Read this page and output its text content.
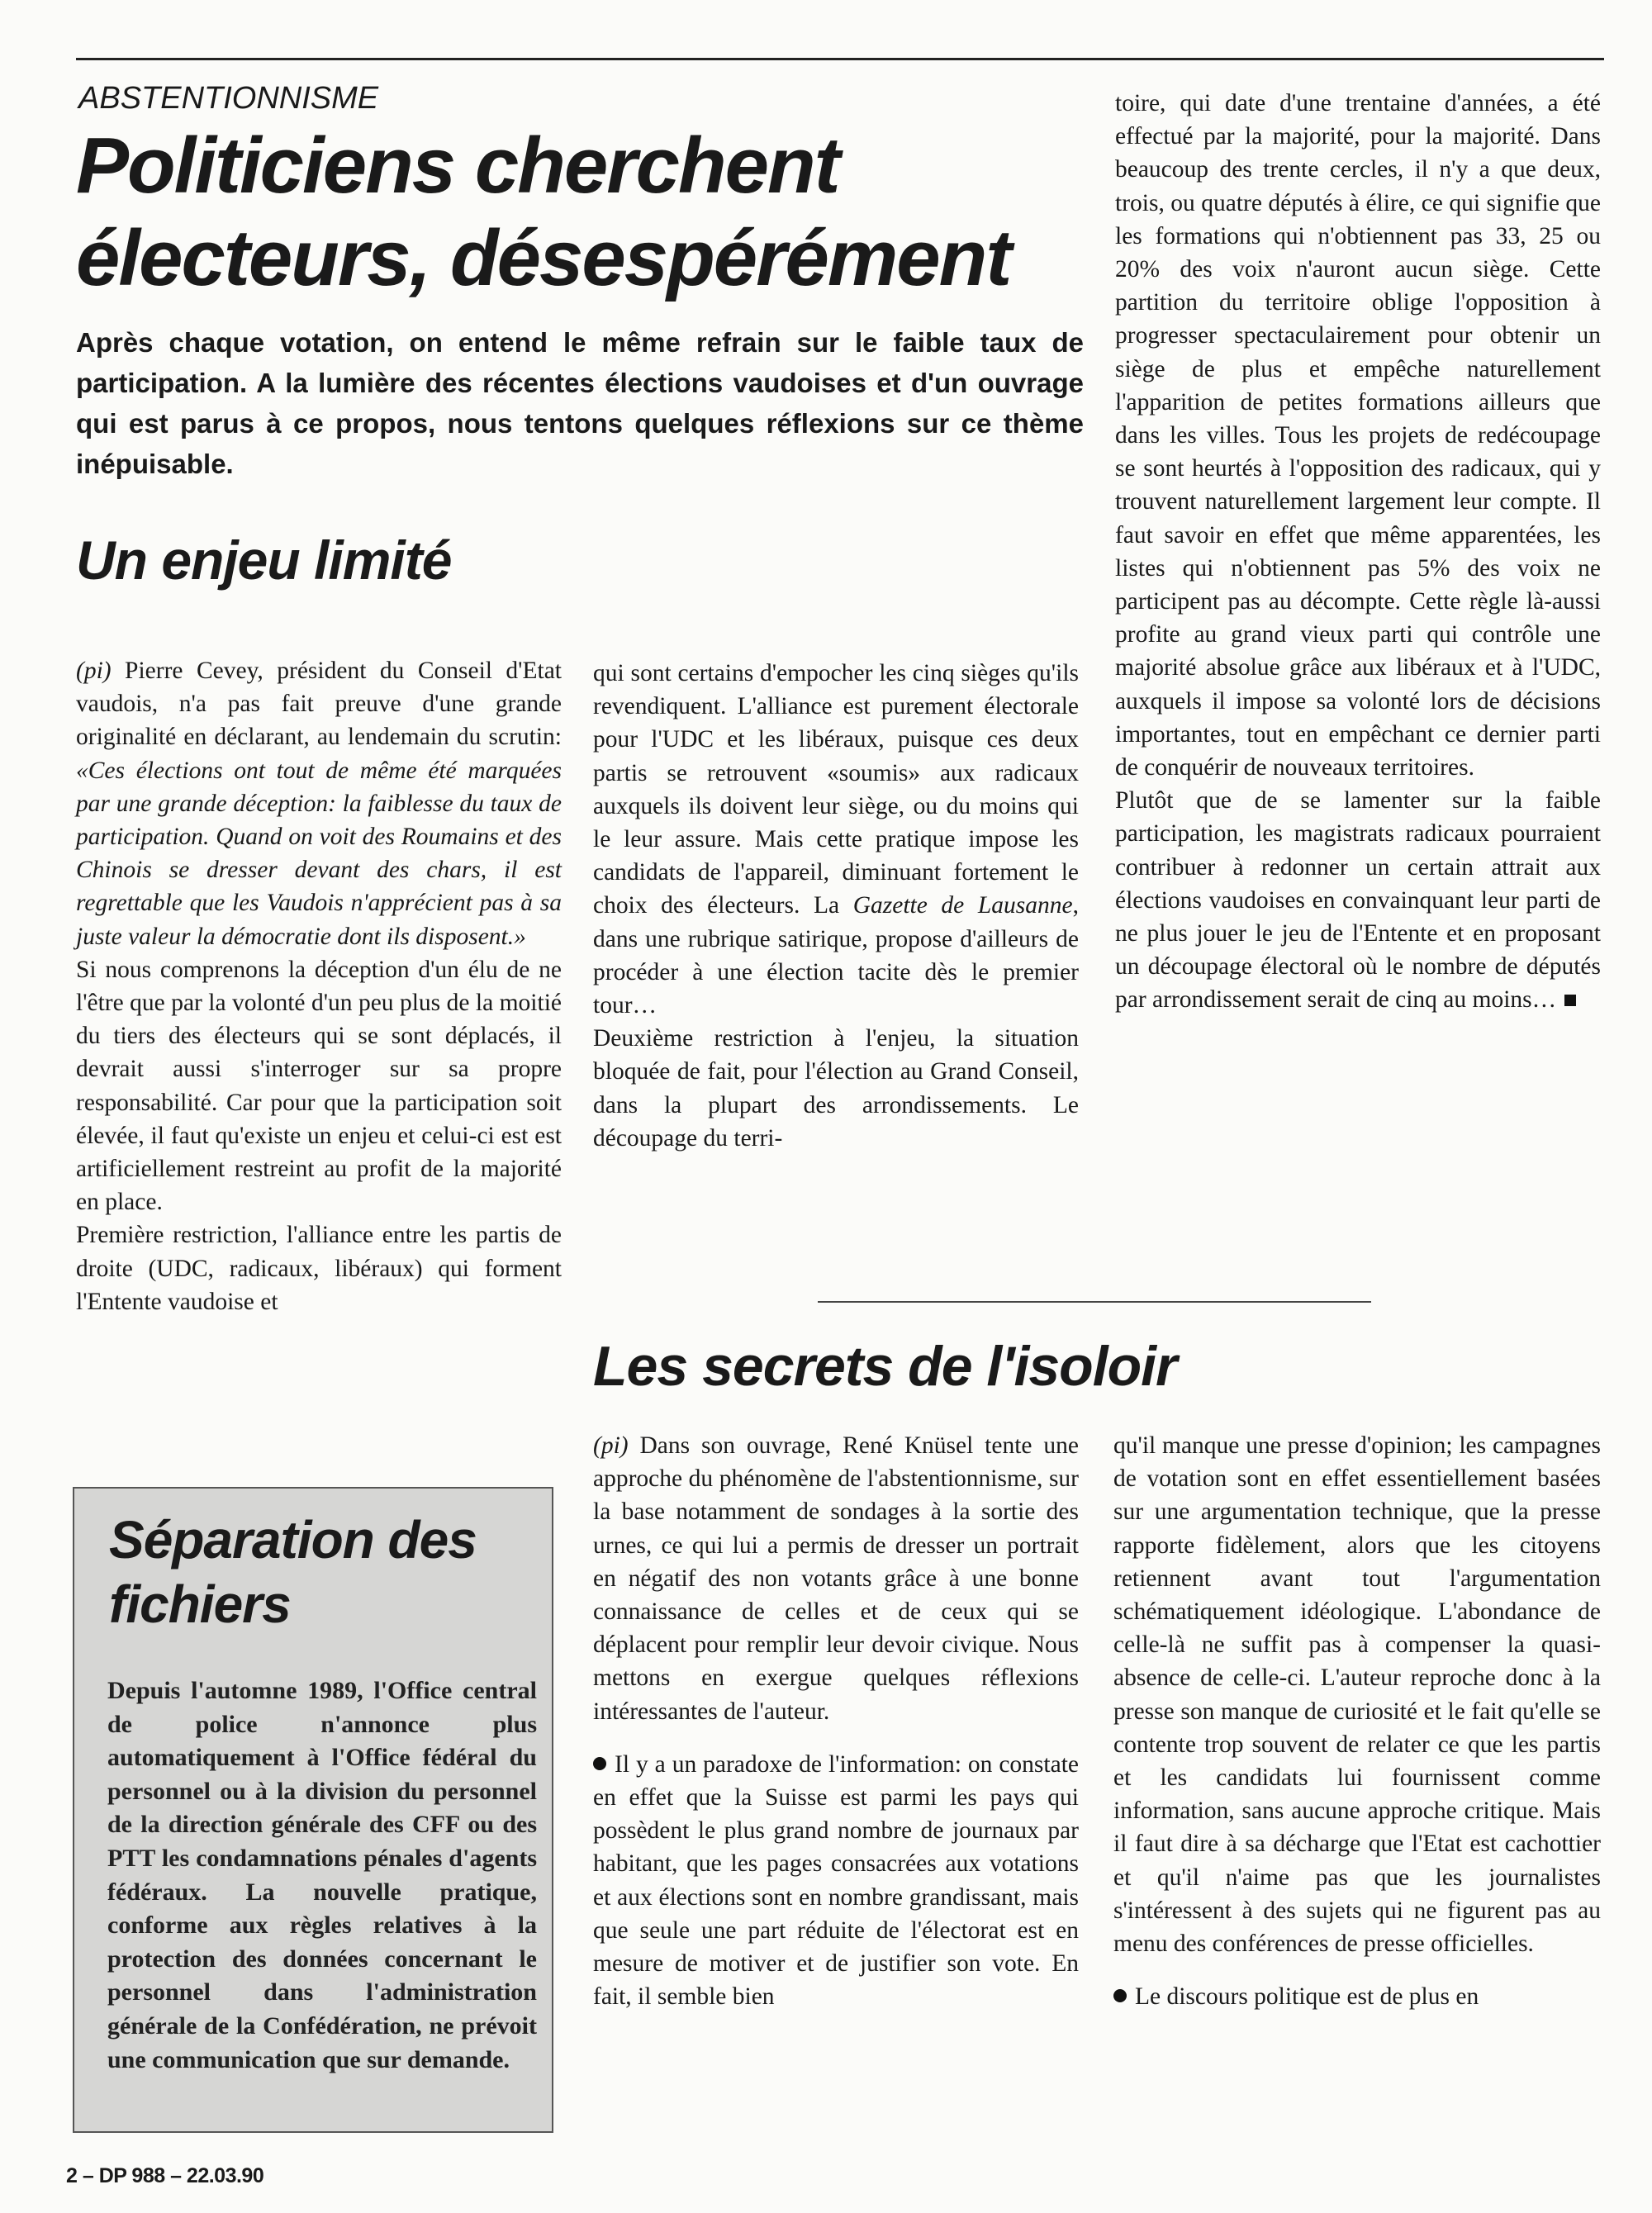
ABSTENTIONNISME
Politiciens cherchent
électeurs, désespérément
Après chaque votation, on entend le même refrain sur le faible taux de participation. A la lumière des récentes élections vaudoises et d'un ouvrage qui est parus à ce propos, nous tentons quelques réflexions sur ce thème inépuisable.
Un enjeu limité

(pi) Pierre Cevey, président du Conseil d'Etat vaudois, n'a pas fait preuve d'une grande originalité en déclarant, au lendemain du scrutin: «Ces élections ont tout de même été marquées par une grande déception: la faiblesse du taux de participation. Quand on voit des Roumains et des Chinois se dresser devant des chars, il est regrettable que les Vaudois n'apprécient pas à sa juste valeur la démocratie dont ils disposent.»

Si nous comprenons la déception d'un élu de ne l'être que par la volonté d'un peu plus de la moitié du tiers des électeurs qui se sont déplacés, il devrait aussi s'interroger sur sa propre responsabilité. Car pour que la participation soit élevée, il faut qu'existe un enjeu et celui-ci est est artificiellement restreint au profit de la majorité en place.

Première restriction, l'alliance entre les partis de droite (UDC, radicaux, libéraux) qui forment l'Entente vaudoise et

qui sont certains d'empocher les cinq sièges qu'ils revendiquent. L'alliance est purement électorale pour l'UDC et les libéraux, puisque ces deux partis se retrouvent «soumis» aux radicaux auxquels ils doivent leur siège, ou du moins qui le leur assure. Mais cette pratique impose les candidats de l'appareil, diminuant fortement le choix des électeurs. La Gazette de Lausanne, dans une rubrique satirique, propose d'ailleurs de procéder à une élection tacite dès le premier tour…

Deuxième restriction à l'enjeu, la situation bloquée de fait, pour l'élection au Grand Conseil, dans la plupart des arrondissements. Le découpage du terri-

toire, qui date d'une trentaine d'années, a été effectué par la majorité, pour la majorité. Dans beaucoup des trente cercles, il n'y a que deux, trois, ou quatre députés à élire, ce qui signifie que les formations qui n'obtiennent pas 33, 25 ou 20% des voix n'auront aucun siège. Cette partition du territoire oblige l'opposition à progresser spectaculairement pour obtenir un siège de plus et empêche naturellement l'apparition de petites formations ailleurs que dans les villes. Tous les projets de redécoupage se sont heurtés à l'opposition des radicaux, qui y trouvent naturellement largement leur compte. Il faut savoir en effet que même apparentées, les listes qui n'obtiennent pas 5% des voix ne participent pas au décompte. Cette règle là-aussi profite au grand vieux parti qui contrôle une majorité absolue grâce aux libéraux et à l'UDC, auxquels il impose sa volonté lors de décisions importantes, tout en empêchant ce dernier parti de conquérir de nouveaux territoires.

Plutôt que de se lamenter sur la faible participation, les magistrats radicaux pourraient contribuer à redonner un certain attrait aux élections vaudoises en convainquant leur parti de ne plus jouer le jeu de l'Entente et en proposant un découpage électoral où le nombre de députés par arrondissement serait de cinq au moins…

Les secrets de l'isoloir

(pi) Dans son ouvrage, René Knüsel tente une approche du phénomène de l'abstentionnisme, sur la base notamment de sondages à la sortie des urnes, ce qui lui a permis de dresser un portrait en négatif des non votants grâce à une bonne connaissance de celles et de ceux qui se déplacent pour remplir leur devoir civique. Nous mettons en exergue quelques réflexions intéressantes de l'auteur.

Il y a un paradoxe de l'information: on constate en effet que la Suisse est parmi les pays qui possèdent le plus grand nombre de journaux par habitant, que les pages consacrées aux votations et aux élections sont en nombre grandissant, mais que seule une part réduite de l'électorat est en mesure de motiver et de justifier son vote. En fait, il semble bien

qu'il manque une presse d'opinion; les campagnes de votation sont en effet essentiellement basées sur une argumentation technique, que la presse rapporte fidèlement, alors que les citoyens retiennent avant tout l'argumentation schématiquement idéologique. L'abondance de celle-là ne suffit pas à compenser la quasi-absence de celle-ci. L'auteur reproche donc à la presse son manque de curiosité et le fait qu'elle se contente trop souvent de relater ce que les partis et les candidats lui fournissent comme information, sans aucune approche critique. Mais il faut dire à sa décharge que l'Etat est cachottier et qu'il n'aime pas que les journalistes s'intéressent à des sujets qui ne figurent pas au menu des conférences de presse officielles.

Le discours politique est de plus en

Séparation des fichiers
Depuis l'automne 1989, l'Office central de police n'annonce plus automatiquement à l'Office fédéral du personnel ou à la division du personnel de la direction générale des CFF ou des PTT les condamnations pénales d'agents fédéraux. La nouvelle pratique, conforme aux règles relatives à la protection des données concernant le personnel dans l'administration générale de la Confédération, ne prévoit une communication que sur demande.
2 – DP 988 – 22.03.90
